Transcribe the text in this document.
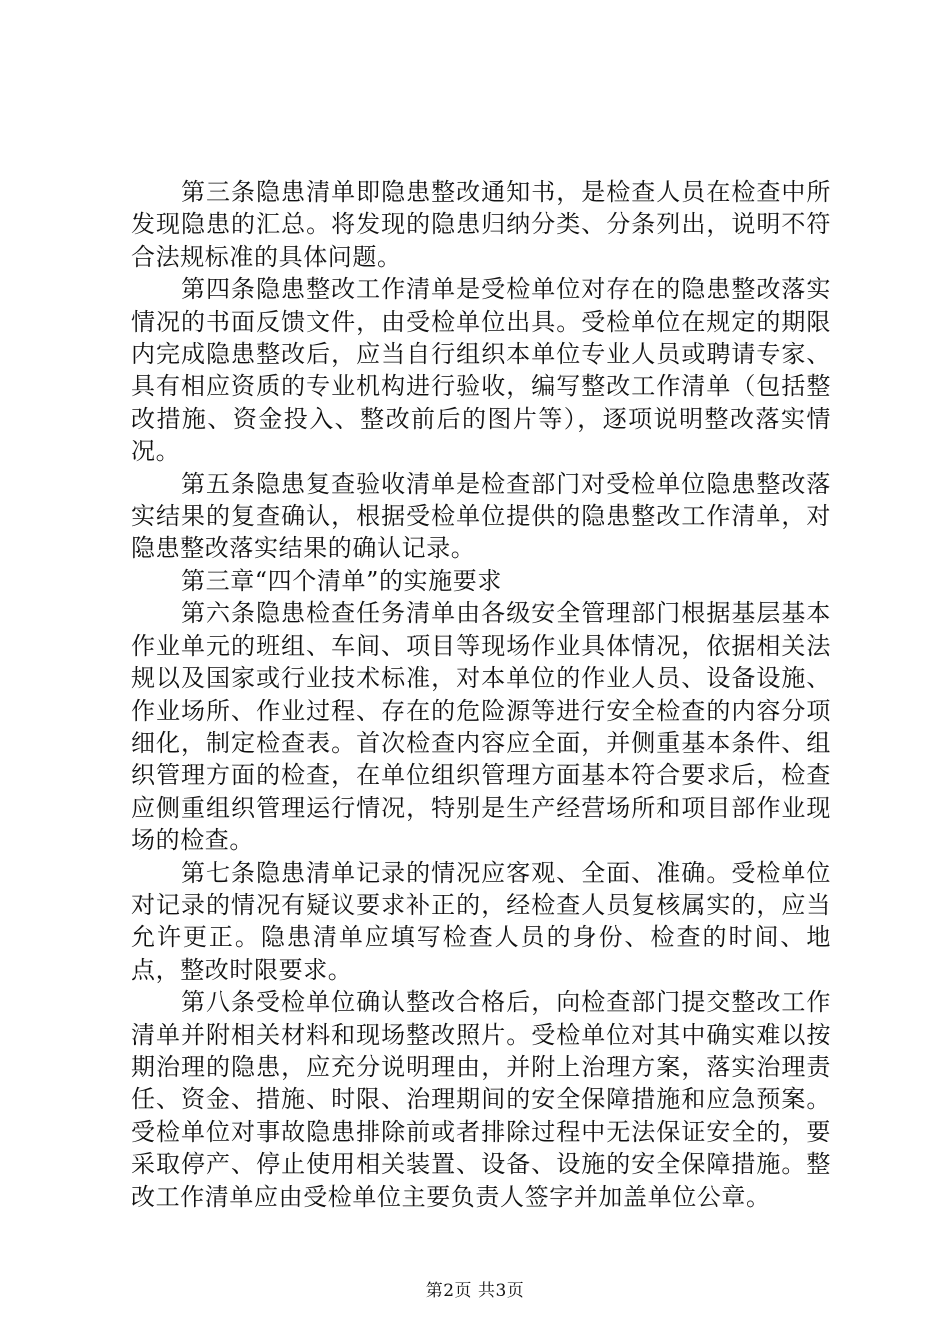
第三条隐患清单即隐患整改通知书，是检查人员在检查中所发现隐患的汇总。将发现的隐患归纳分类、分条列出，说明不符合法规标准的具体问题。

第四条隐患整改工作清单是受检单位对存在的隐患整改落实情况的书面反馈文件，由受检单位出具。受检单位在规定的期限内完成隐患整改后，应当自行组织本单位专业人员或聘请专家、具有相应资质的专业机构进行验收，编写整改工作清单（包括整改措施、资金投入、整改前后的图片等），逐项说明整改落实情况。

第五条隐患复查验收清单是检查部门对受检单位隐患整改落实结果的复查确认，根据受检单位提供的隐患整改工作清单，对隐患整改落实结果的确认记录。

第三章“四个清单”的实施要求

第六条隐患检查任务清单由各级安全管理部门根据基层基本作业单元的班组、车间、项目等现场作业具体情况，依据相关法规以及国家或行业技术标准，对本单位的作业人员、设备设施、作业场所、作业过程、存在的危险源等进行安全检查的内容分项细化，制定检查表。首次检查内容应全面，并侧重基本条件、组织管理方面的检查，在单位组织管理方面基本符合要求后，检查应侧重组织管理运行情况，特别是生产经营场所和项目部作业现场的检查。

第七条隐患清单记录的情况应客观、全面、准确。受检单位对记录的情况有疑议要求补正的，经检查人员复核属实的，应当允许更正。隐患清单应填写检查人员的身份、检查的时间、地点，整改时限要求。

第八条受检单位确认整改合格后，向检查部门提交整改工作清单并附相关材料和现场整改照片。受检单位对其中确实难以按期治理的隐患，应充分说明理由，并附上治理方案，落实治理责任、资金、措施、时限、治理期间的安全保障措施和应急预案。受检单位对事故隐患排除前或者排除过程中无法保证安全的，要采取停产、停止使用相关装置、设备、设施的安全保障措施。整改工作清单应由受检单位主要负责人签字并加盖单位公章。

第2页 共3页
